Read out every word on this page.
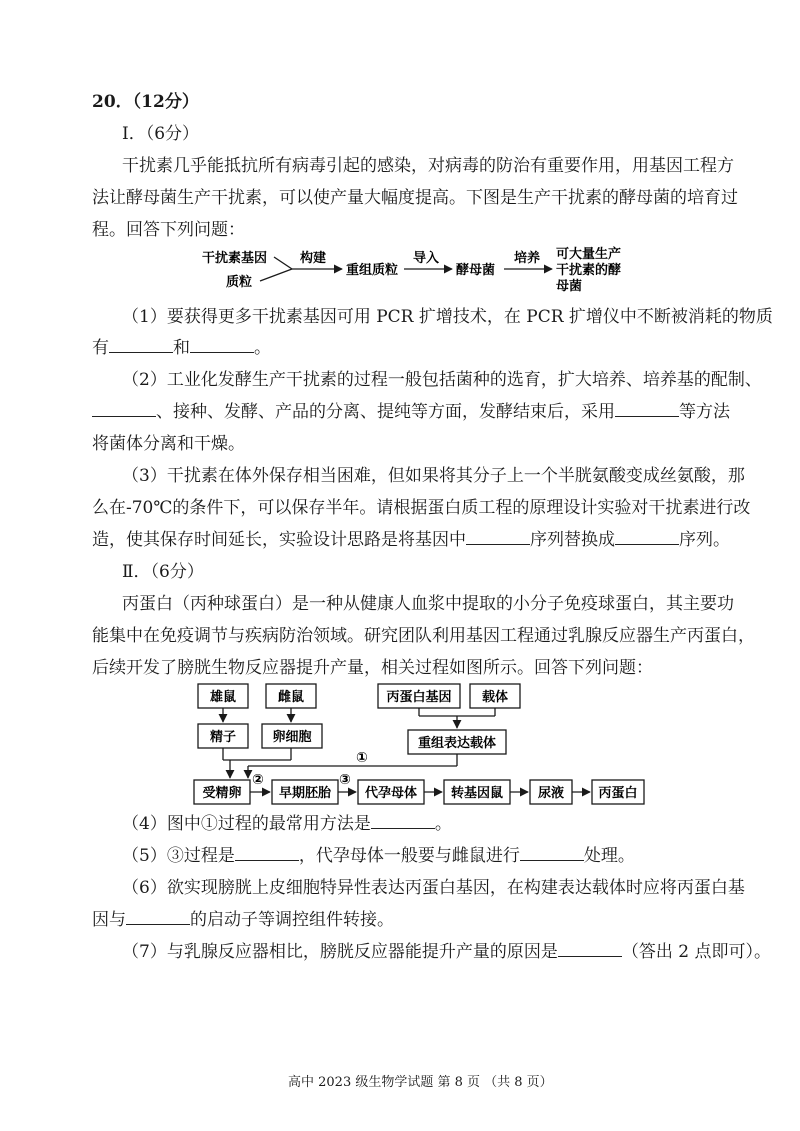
20．（12分）
Ⅰ．（6分）
干扰素几乎能抵抗所有病毒引起的感染，对病毒的防治有重要作用，用基因工程方
法让酵母菌生产干扰素，可以使产量大幅度提高。下图是生产干扰素的酵母菌的培育过
程。回答下列问题：
干扰素基因
质粒
构建
重组质粒
导入
酵母菌
培养 可大量生产
干扰素的酵
母菌
（1）要获得更多干扰素基因可用 PCR 扩增技术，在 PCR 扩增仪中不断被消耗的物质
有	和	。
（2）工业化发酵生产干扰素的过程一般包括菌种的选育，扩大培养、培养基的配制、
、接种、发酵、产品的分离、提纯等方面，发酵结束后，采用	等方法
将菌体分离和干燥。
（3）干扰素在体外保存相当困难，但如果将其分子上一个半胱氨酸变成丝氨酸，那
么在-70℃的条件下，可以保存半年。请根据蛋白质工程的原理设计实验对干扰素进行改
造，使其保存时间延长，实验设计思路是将基因中	序列替换成	序列。
Ⅱ．（6分）
丙蛋白（丙种球蛋白）是一种从健康人血浆中提取的小分子免疫球蛋白，其主要功
能集中在免疫调节与疾病防治领域。研究团队利用基因工程通过乳腺反应器生产丙蛋白，
后续开发了膀胱生物反应器提升产量，相关过程如图所示。回答下列问题：
雄鼠	雌鼠	丙蛋白基因 载体
精子	卵细胞	重组表达载体
①
受精卵
②
早期胚胎
③
代孕母体	转基因鼠	尿液	丙蛋白
（4）图中①过程的最常用方法是	。
（5）③过程是	，代孕母体一般要与雌鼠进行	处理。
（6）欲实现膀胱上皮细胞特异性表达丙蛋白基因，在构建表达载体时应将丙蛋白基
因与	的启动子等调控组件转接。
（7）与乳腺反应器相比，膀胱反应器能提升产量的原因是	（答出 2 点即可）。
高中 2023 级生物学试题 第 8 页 （共 8 页）
